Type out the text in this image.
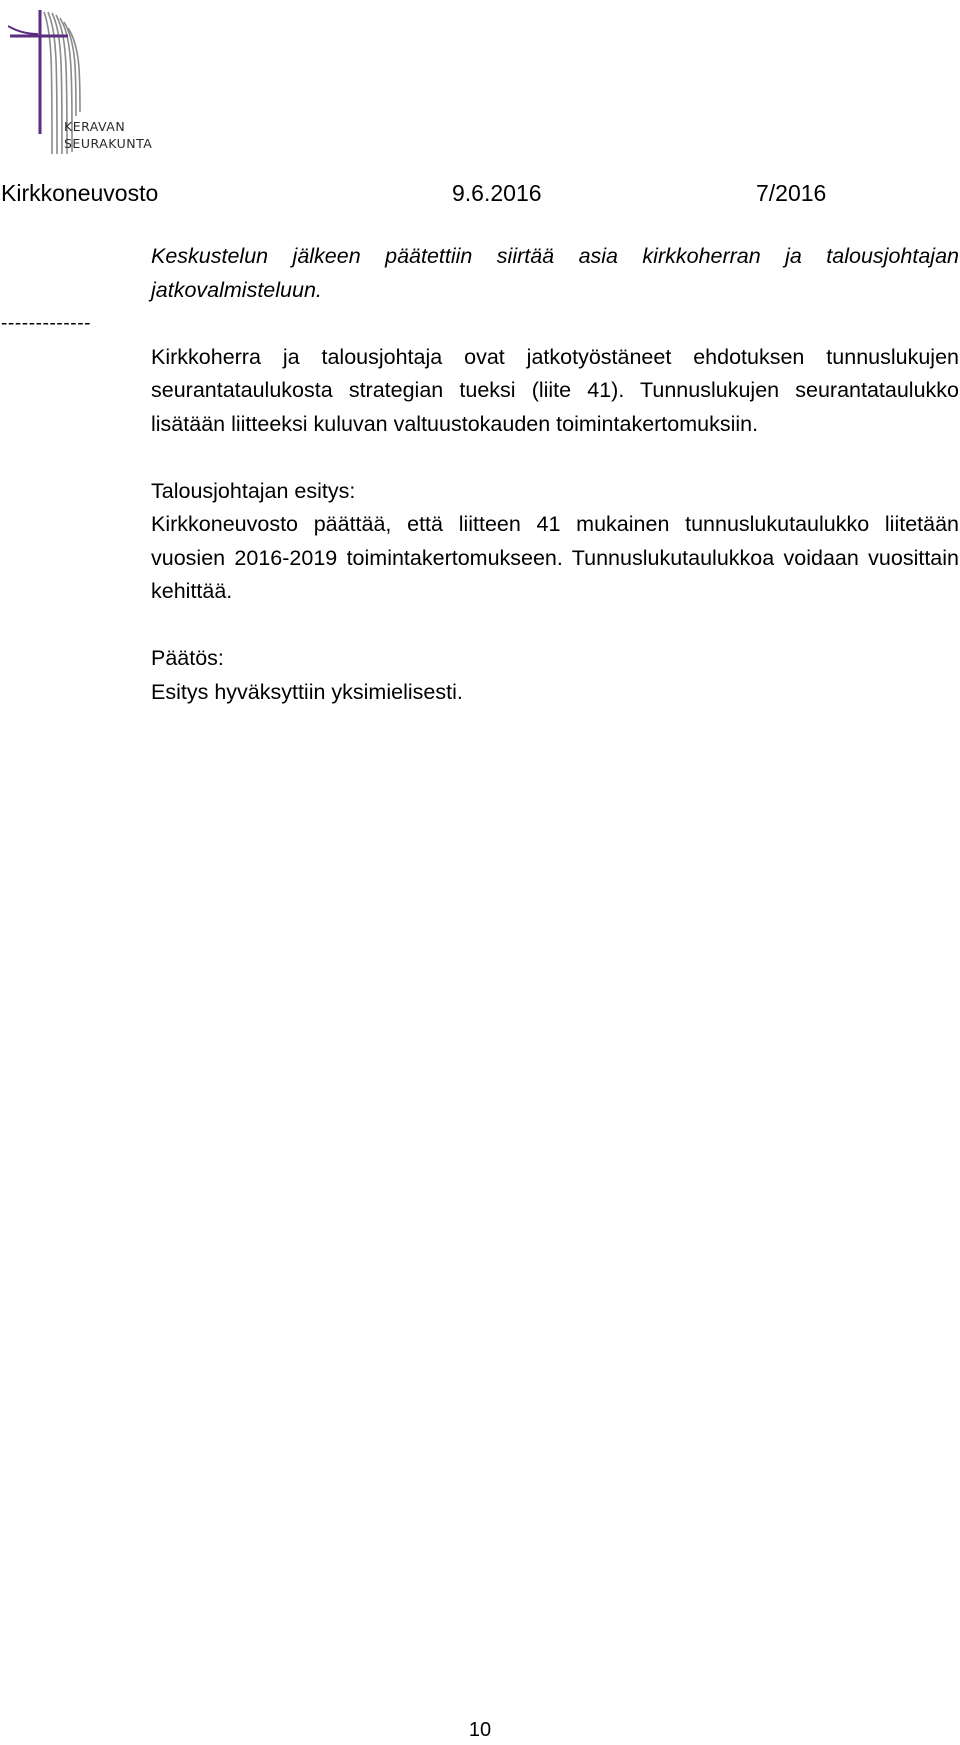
KERAVAN
SEURAKUNTA
Kirkkoneuvosto	9.6.2016	7/2016
-------------

Keskustelun jälkeen päätettiin siirtää asia kirkkoherran ja talousjohtajan jatkovalmisteluun.

Kirkkoherra ja talousjohtaja ovat jatkotyöstäneet ehdotuksen tunnuslukujen seurantataulukosta strategian tueksi (liite 41). Tunnuslukujen seurantataulukko lisätään liitteeksi kuluvan valtuustokauden toimintakertomuksiin.

Talousjohtajan esitys:

Kirkkoneuvosto päättää, että liitteen 41 mukainen tunnuslukutaulukko liitetään vuosien 2016-2019 toimintakertomukseen. Tunnuslukutaulukkoa voidaan vuosittain kehittää.

Päätös:

Esitys hyväksyttiin yksimielisesti.

10
